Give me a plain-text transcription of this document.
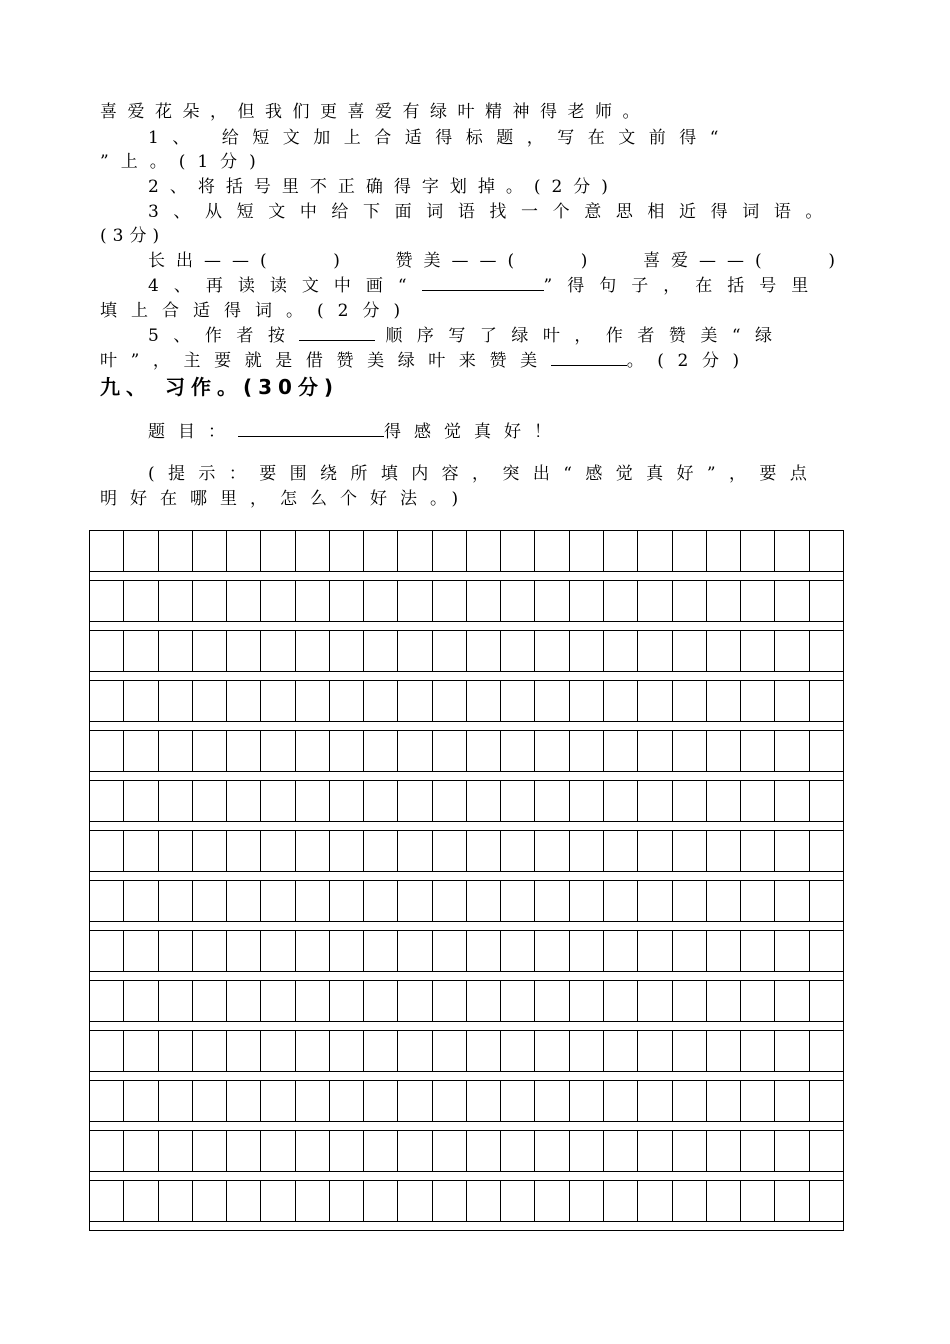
喜爱花朵，但我们更喜爱有绿叶精神得老师。
1、 给短文加上合适得标题，写在文前得“
”上。(1分)
2、将括号里不正确得字划掉。(2分)
3、从短文中给下面词语找一个意思相近得词语。
(3分)
长出——(	)	赞美——(	)	喜爱——(	)
4、再读读文中画“	”得句子，在括号里
填上合适得词。(2分)
5、作者按	顺序写了绿叶，作者赞美“绿
叶”，主要就是借赞美绿叶来赞美	。(2分)
九、 习作。(30分)
题目：	得感觉真好！
(提示：要围绕所填内容，突出“感觉真好”，要点
明好在哪里，怎么个好法。)
